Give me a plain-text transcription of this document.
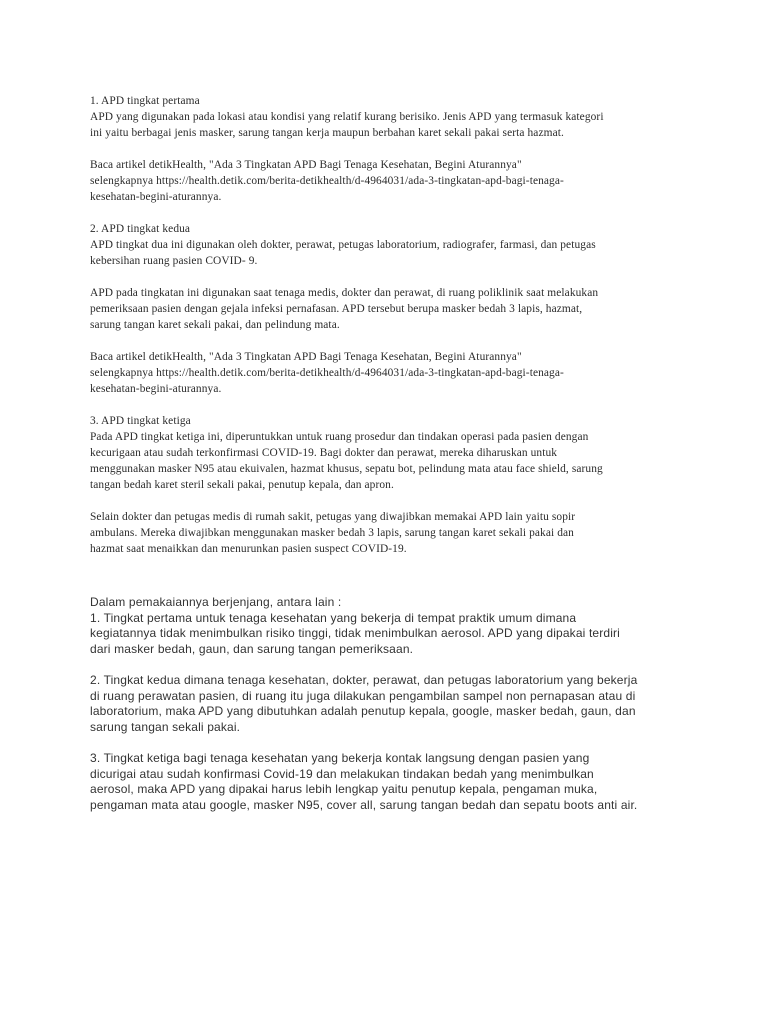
1. APD tingkat pertama
APD yang digunakan pada lokasi atau kondisi yang relatif kurang berisiko. Jenis APD yang termasuk kategori
ini yaitu berbagai jenis masker, sarung tangan kerja maupun berbahan karet sekali pakai serta hazmat.

Baca artikel detikHealth, "Ada 3 Tingkatan APD Bagi Tenaga Kesehatan, Begini Aturannya"
selengkapnya https://health.detik.com/berita-detikhealth/d-4964031/ada-3-tingkatan-apd-bagi-tenaga-
kesehatan-begini-aturannya.

2. APD tingkat kedua
APD tingkat dua ini digunakan oleh dokter, perawat, petugas laboratorium, radiografer, farmasi, dan petugas
kebersihan ruang pasien COVID- 9.

APD pada tingkatan ini digunakan saat tenaga medis, dokter dan perawat, di ruang poliklinik saat melakukan
pemeriksaan pasien dengan gejala infeksi pernafasan. APD tersebut berupa masker bedah 3 lapis, hazmat,
sarung tangan karet sekali pakai, dan pelindung mata.

Baca artikel detikHealth, "Ada 3 Tingkatan APD Bagi Tenaga Kesehatan, Begini Aturannya"
selengkapnya https://health.detik.com/berita-detikhealth/d-4964031/ada-3-tingkatan-apd-bagi-tenaga-
kesehatan-begini-aturannya.

3. APD tingkat ketiga
Pada APD tingkat ketiga ini, diperuntukkan untuk ruang prosedur dan tindakan operasi pada pasien dengan
kecurigaan atau sudah terkonfirmasi COVID-19. Bagi dokter dan perawat, mereka diharuskan untuk
menggunakan masker N95 atau ekuivalen, hazmat khusus, sepatu bot, pelindung mata atau face shield, sarung
tangan bedah karet steril sekali pakai, penutup kepala, dan apron.

Selain dokter dan petugas medis di rumah sakit, petugas yang diwajibkan memakai APD lain yaitu sopir
ambulans. Mereka diwajibkan menggunakan masker bedah 3 lapis, sarung tangan karet sekali pakai dan
hazmat saat menaikkan dan menurunkan pasien suspect COVID-19.

Dalam pemakaiannya berjenjang, antara lain :
1. Tingkat pertama untuk tenaga kesehatan yang bekerja di tempat praktik umum dimana
kegiatannya tidak menimbulkan risiko tinggi, tidak menimbulkan aerosol. APD yang dipakai terdiri
dari masker bedah, gaun, dan sarung tangan pemeriksaan.

2. Tingkat kedua dimana tenaga kesehatan, dokter, perawat, dan petugas laboratorium yang bekerja
di ruang perawatan pasien, di ruang itu juga dilakukan pengambilan sampel non pernapasan atau di
laboratorium, maka APD yang dibutuhkan adalah penutup kepala, google, masker bedah, gaun, dan
sarung tangan sekali pakai.

3. Tingkat ketiga bagi tenaga kesehatan yang bekerja kontak langsung dengan pasien yang
dicurigai atau sudah konfirmasi Covid-19 dan melakukan tindakan bedah yang menimbulkan
aerosol, maka APD yang dipakai harus lebih lengkap yaitu penutup kepala, pengaman muka,
pengaman mata atau google, masker N95, cover all, sarung tangan bedah dan sepatu boots anti air.
